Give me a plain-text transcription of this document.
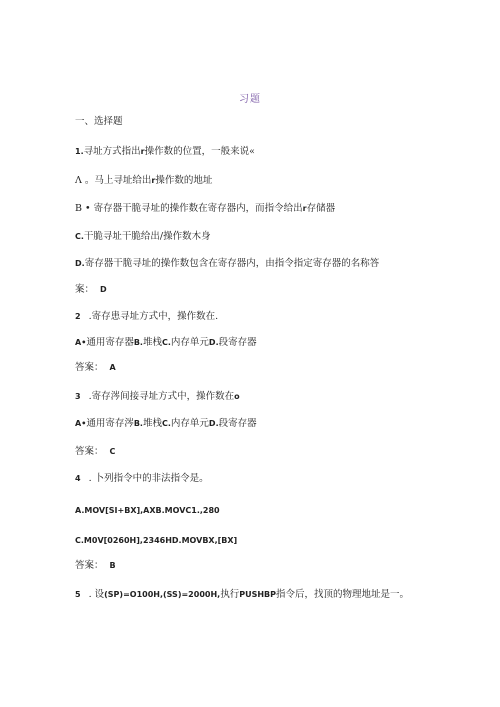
习题
一、选择题
1.寻址方式指出r操作数的位置，一般来说«
Λ 。马上寻址给出r操作数的地址
B • 寄存器干脆寻址的操作数在寄存器内，而指令给出r存储器
C.干脆寻址干脆给出/操作数木身
D.寄存器干脆寻址的操作数包含在寄存器内，由指令指定寄存器的名称答
案： D
2 .寄存患寻址方式中，操作数在.
A•通用寄存器B.堆栈C.内存单元D.段寄存器
答案： A
3 .寄存涔间接寻址方式中，操作数在o
A•通用寄存涔B.堆栈C.内存单元D.段寄存器
答案： C
4 . 卜列指令中的非法指令是。
A.MOV[SI+BX],AXB.MOVC1.,280
C.M0V[0260H],2346HD.MOVBX,[BX]
答案： B
5 . 设(SP)=O100H,(SS)=2000H,执行PUSHBP指令后，找顶的物理地址是一。
